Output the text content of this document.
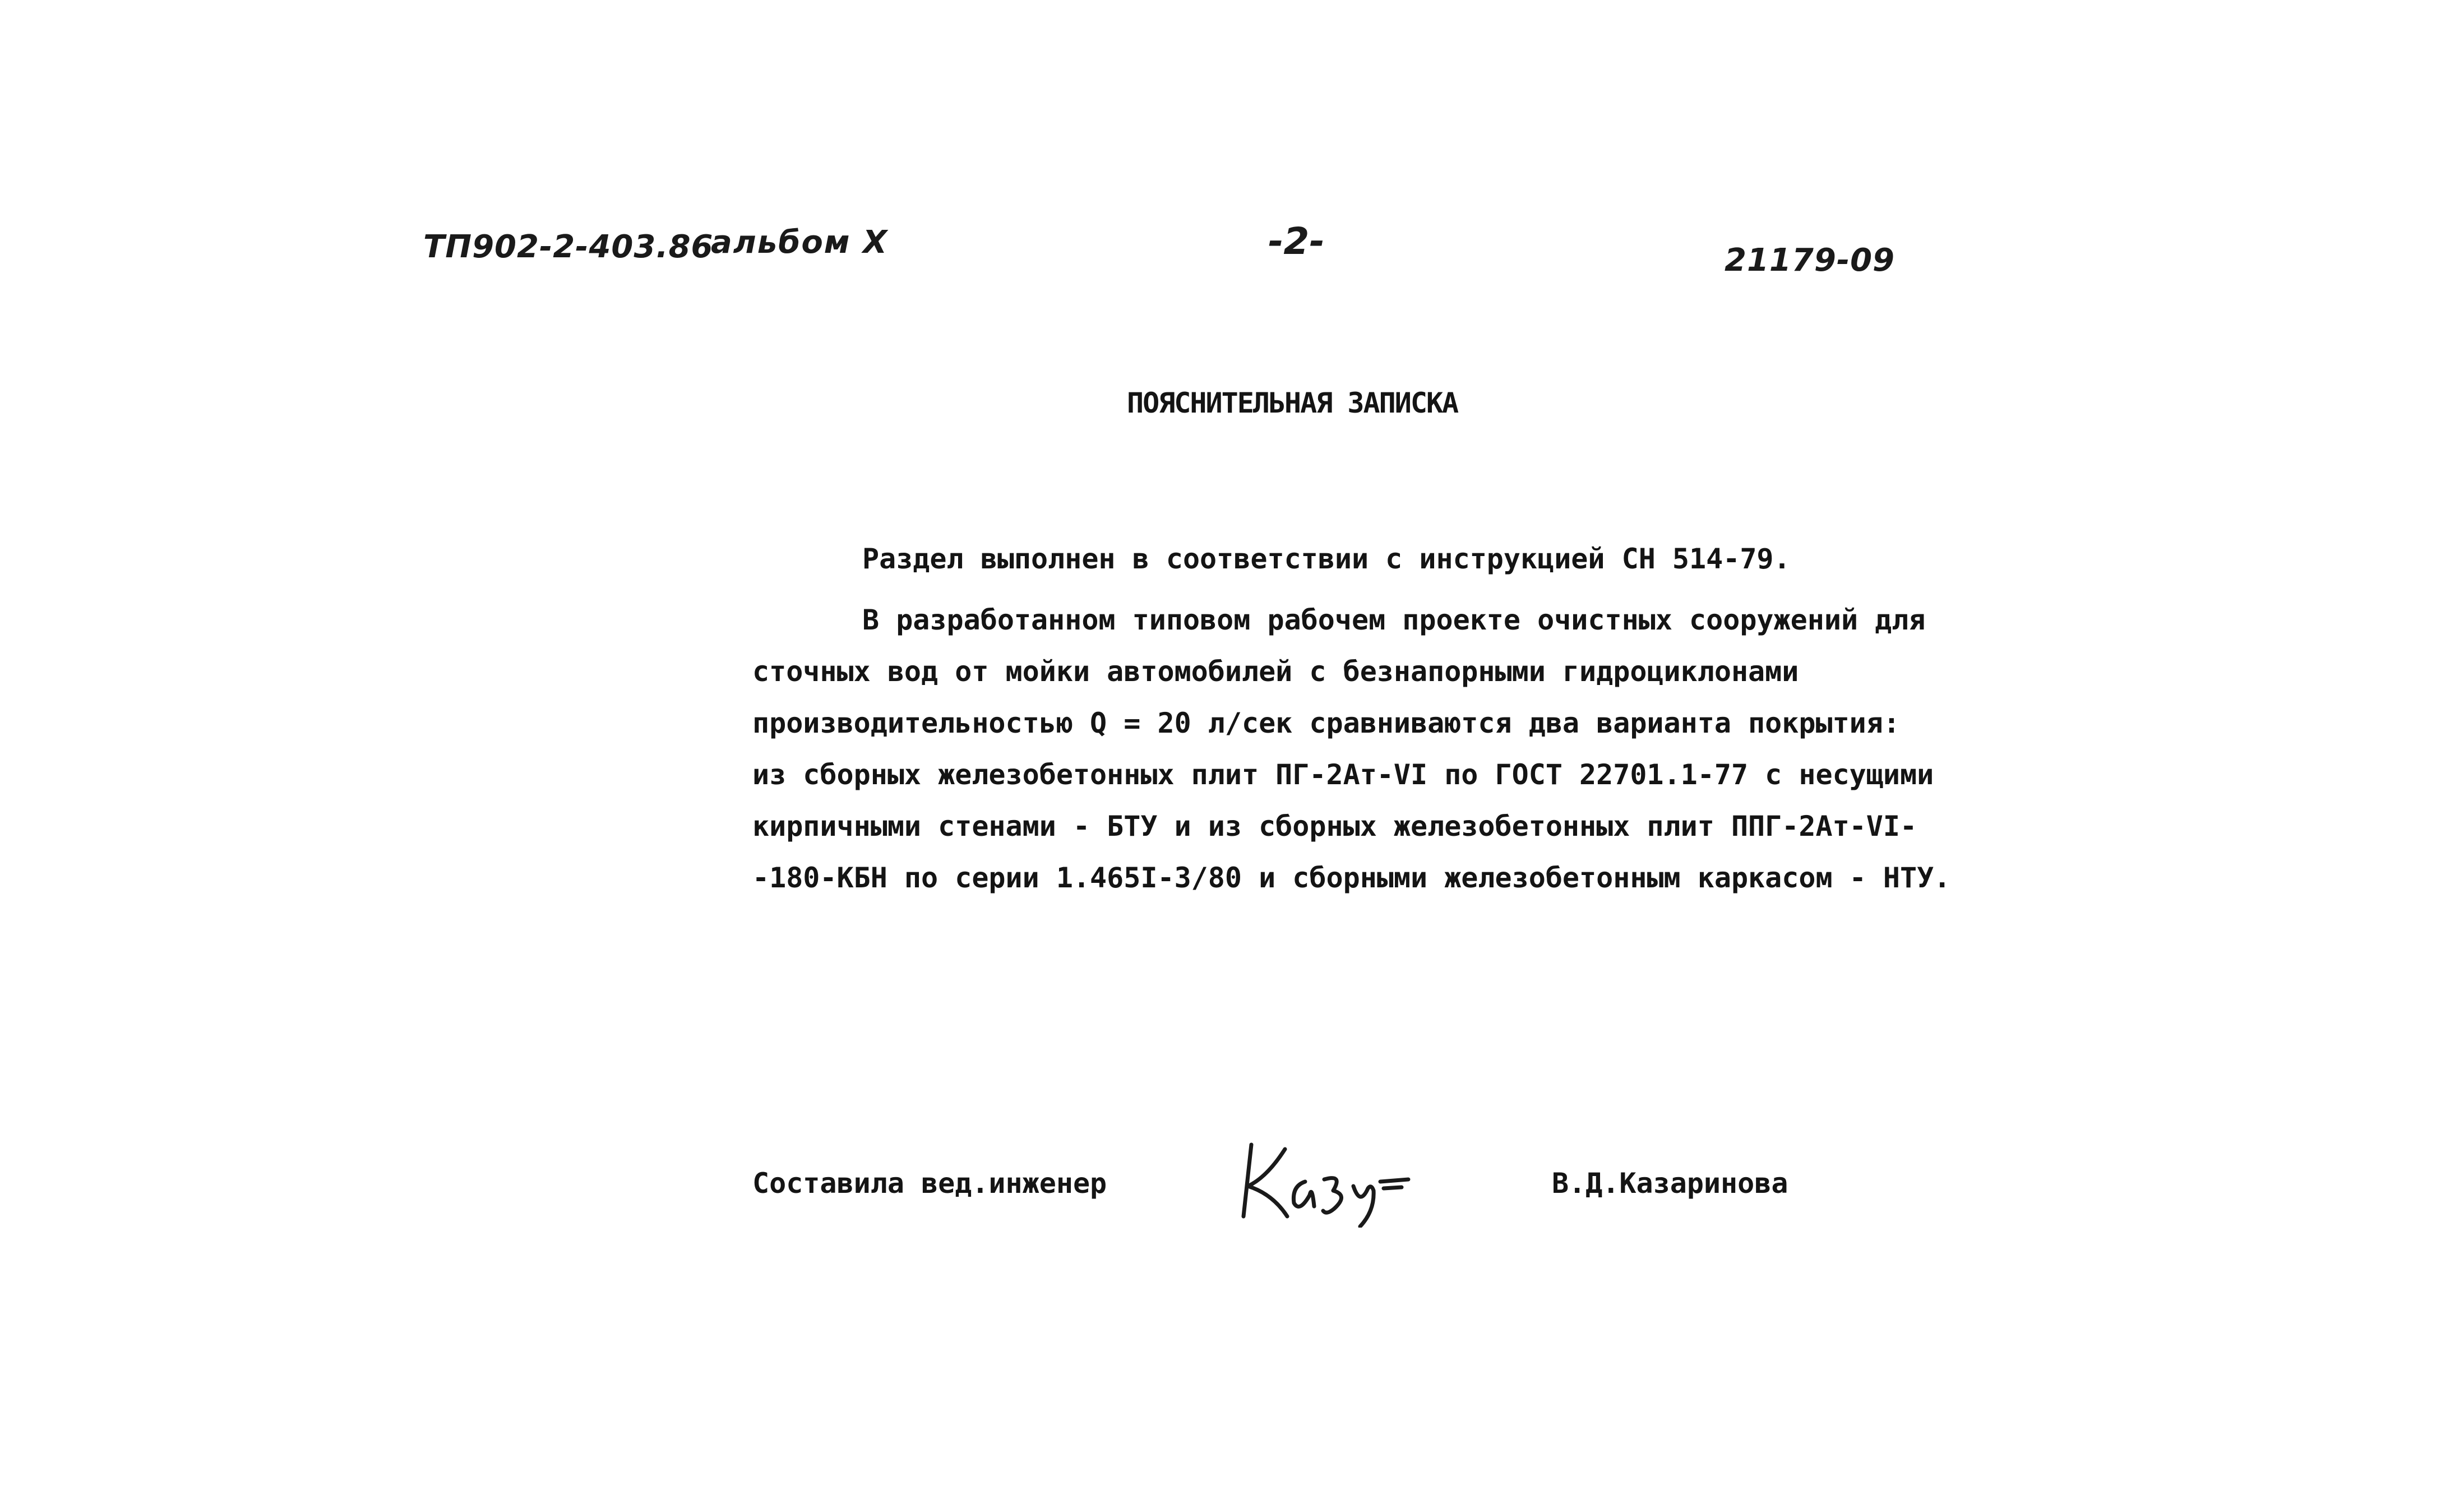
ТП902-2-403.86
альбом X	-2-	21179-09
ПОЯСНИТЕЛЬНАЯ ЗАПИСКА
Раздел выполнен в соответствии с инструкцией СН 514-79.
В разработанном типовом рабочем проекте очистных сооружений для
сточных вод от мойки автомобилей с безнапорными гидроциклонами
производительностью Q = 20 л/сек сравниваются два варианта покрытия:
из сборных железобетонных плит ПГ-2Ат-VI по ГОСТ 22701.1-77 с несущими
кирпичными стенами - БТУ и из сборных железобетонных плит ППГ-2Ат-VI-
-180-КБН по серии 1.465I-3/80 и сборными железобетонным каркасом - НТУ.
Составила вед.инженер	В.Д.Казаринова
